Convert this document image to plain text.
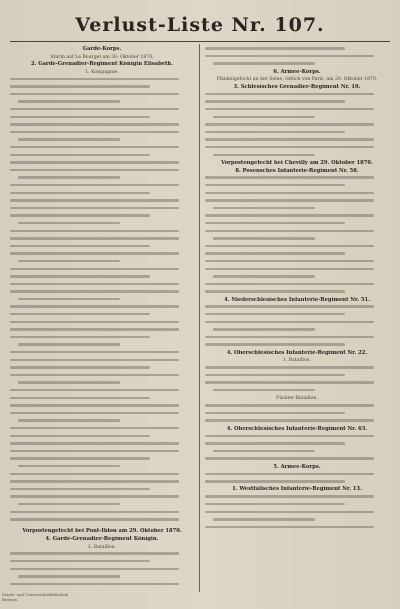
Verlust-Liste Nr. 107.
Garde-Korps.
Sturm auf Le Bourget am 30. Oktober 1870.
2. Garde-Grenadier-Regiment Königin Elisabeth.
1. Kompagnie.
Vorpostengefecht bei Pont-Iblon am 29. Oktober 1870.
4. Garde-Grenadier-Regiment Königin.
2. Bataillon.
6. Armee-Korps.
Plänkelgefecht an der Seine, östlich von Paris, am 29. Oktober 1870.
3. Schlesisches Grenadier-Regiment Nr. 10.
Vorpostengefecht bei Chevilly am 29. Oktober 1870.
8. Posensches Infanterie-Regiment Nr. 58.
4. Niederschlesisches Infanterie-Regiment Nr. 51.
4. Oberschlesisches Infanterie-Regiment Nr. 22.
1. Bataillon.
Füsilier-Bataillon.
4. Oberschlesisches Infanterie-Regiment Nr. 63.
5. Armee-Korps.
1. Westfälisches Infanterie-Regiment Nr. 13.
Staats- und Universitätsbibliothek
Bremen
